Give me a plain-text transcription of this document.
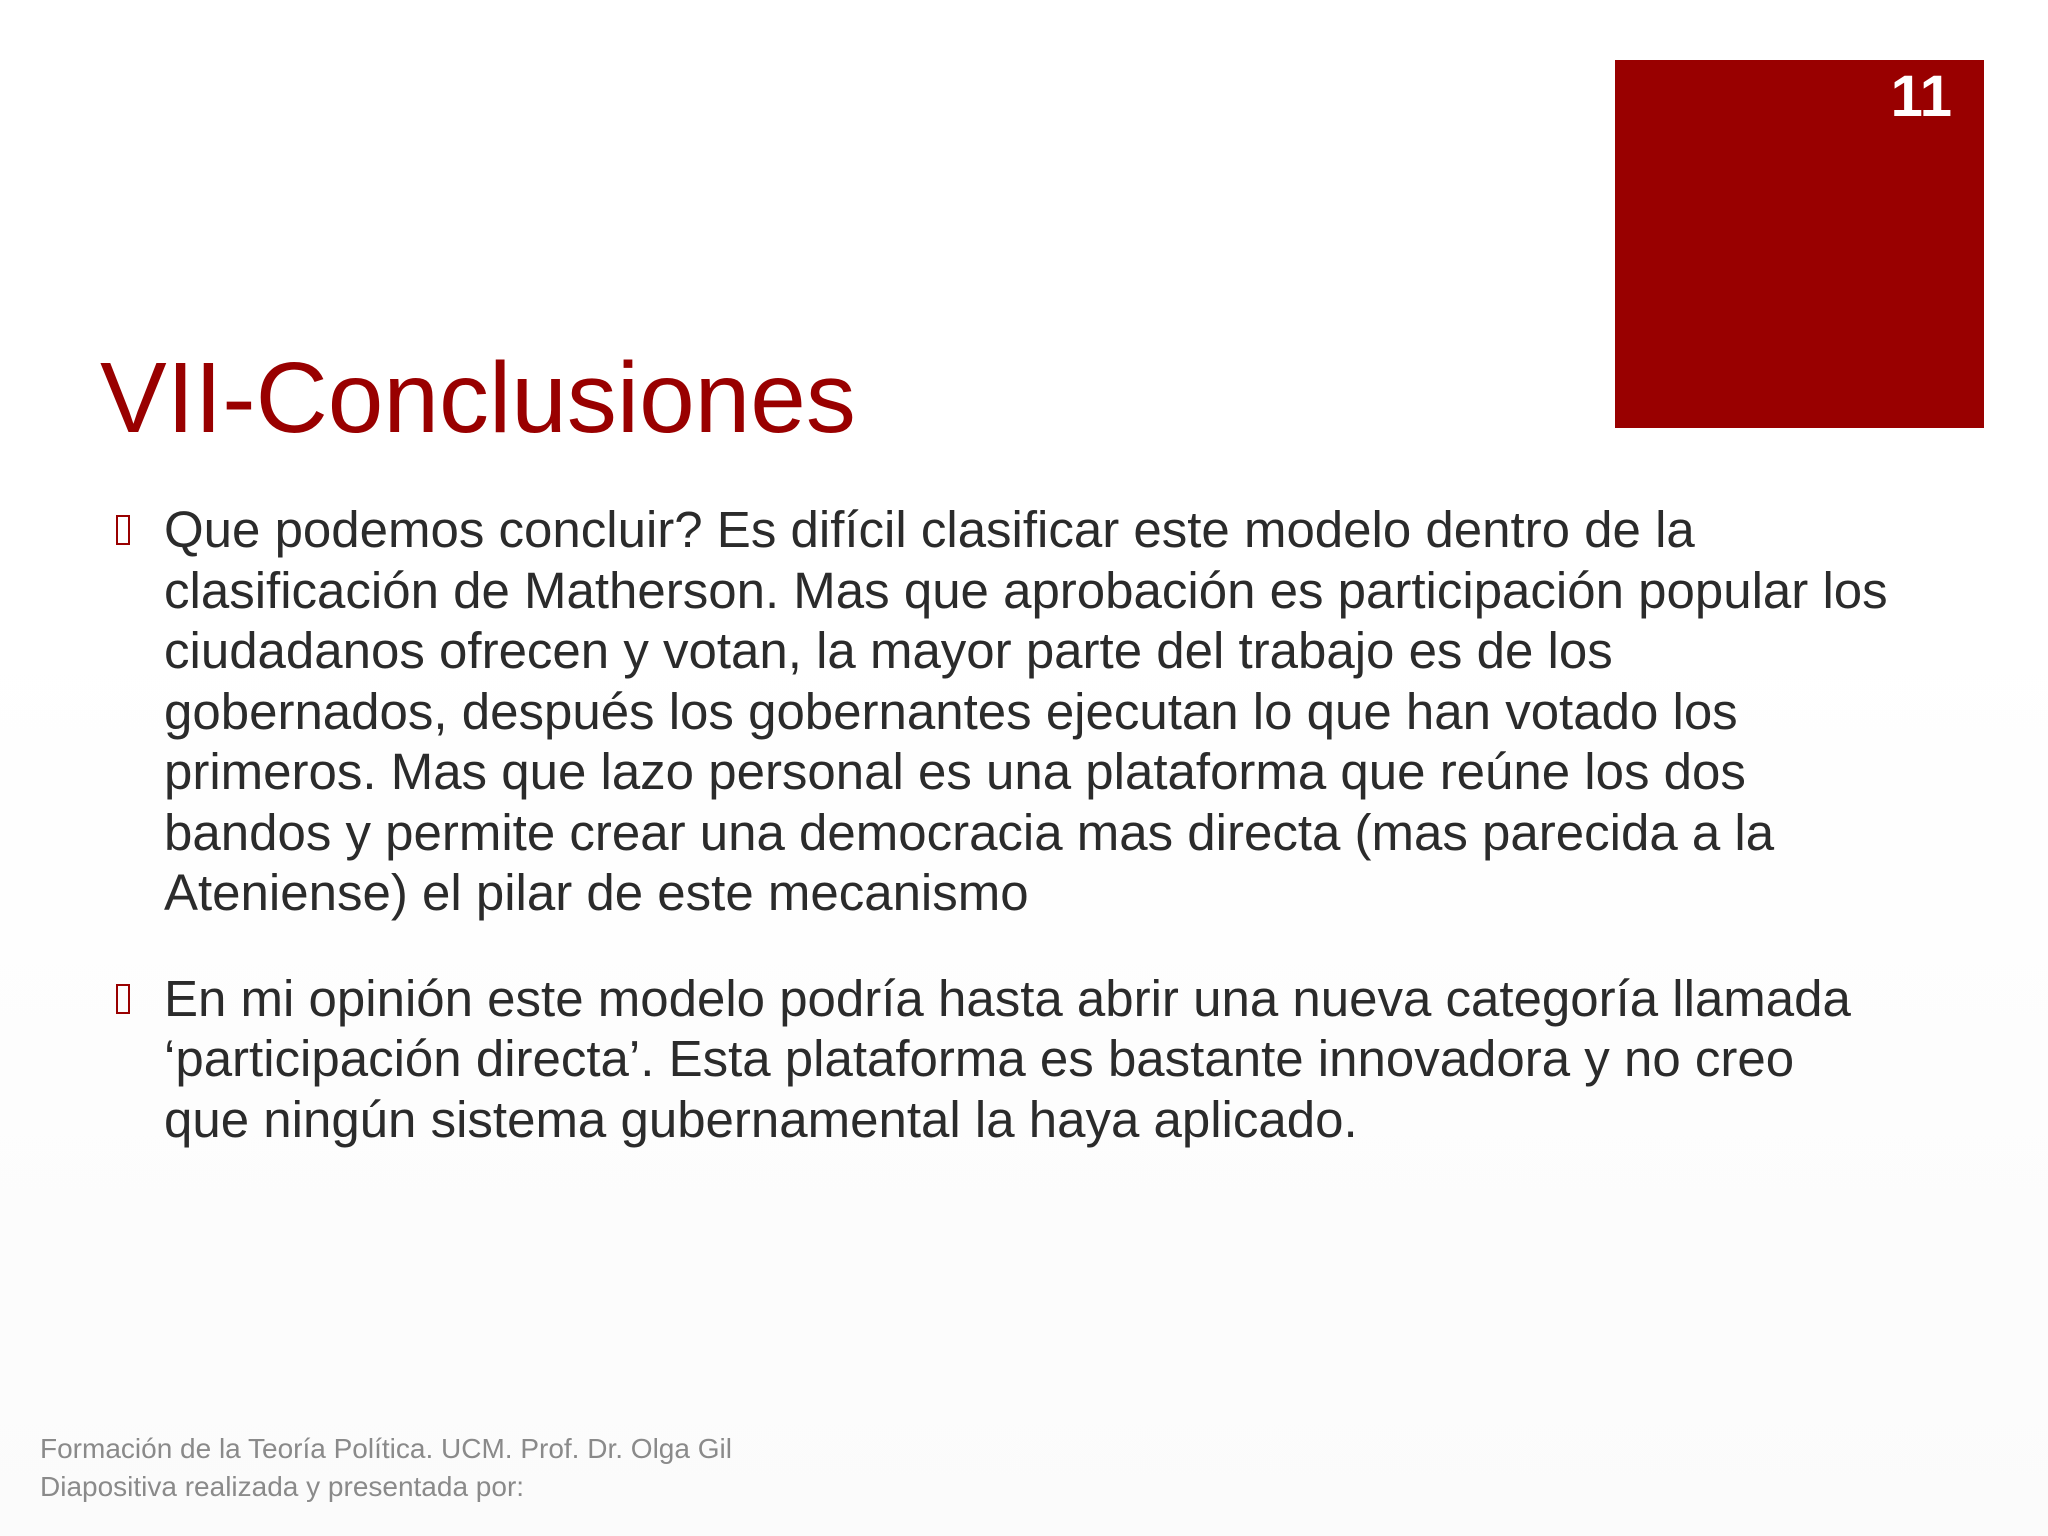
11
VII-Conclusiones
Que podemos concluir? Es difícil clasificar este modelo dentro de la clasificación de Matherson. Mas que aprobación es participación popular los ciudadanos ofrecen y votan, la mayor parte del trabajo es de los gobernados, después los gobernantes ejecutan lo que han votado los primeros. Mas que lazo personal es una plataforma que reúne los dos bandos y permite crear una democracia mas directa (mas parecida a la Ateniense) el pilar de este mecanismo
En mi opinión este modelo podría hasta abrir una nueva categoría llamada ‘participación directa’. Esta plataforma es bastante innovadora y no creo que ningún sistema gubernamental la haya aplicado.
Formación de la Teoría Política. UCM. Prof. Dr. Olga Gil
Diapositiva realizada y presentada por:
